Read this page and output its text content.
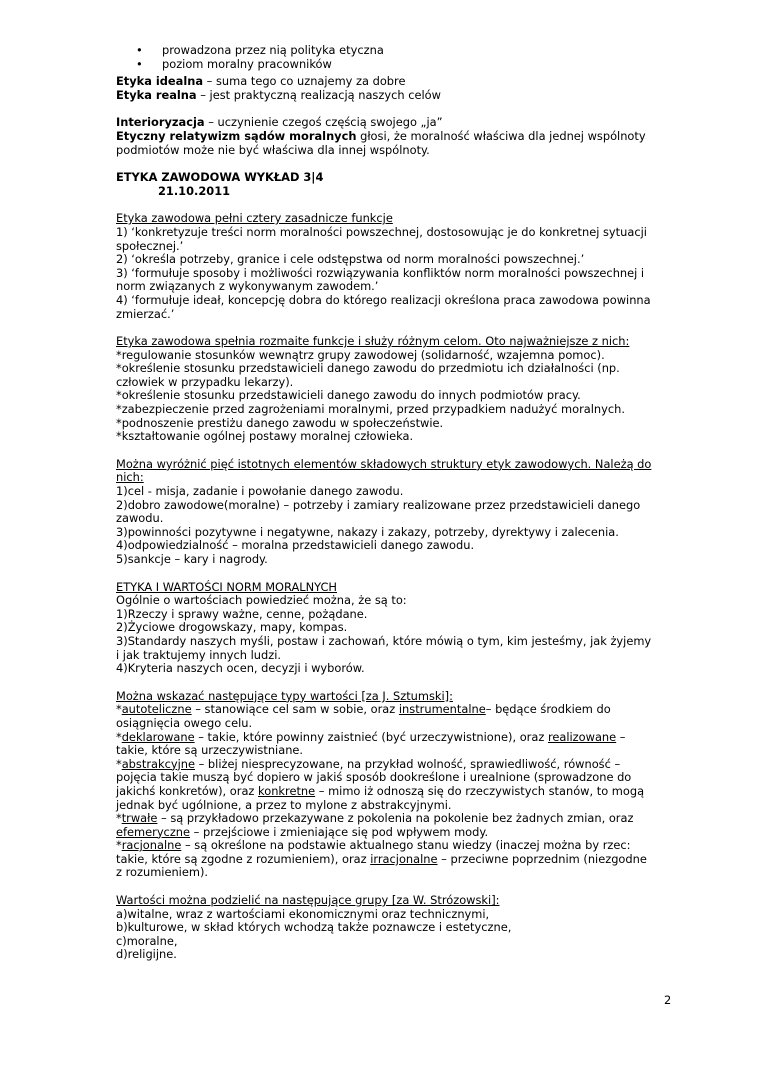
• prowadzona przez nią polityka etyczna
• poziom moralny pracowników

Etyka idealna – suma tego co uznajemy za dobre

Etyka realna – jest praktyczną realizacją naszych celów

Interioryzacja – uczynienie czegoś częścią swojego „ja”

Etyczny relatywizm sądów moralnych głosi, że moralność właściwa dla jednej wspólnoty podmiotów może nie być właściwa dla innej wspólnoty.

ETYKA ZAWODOWA WYKŁAD 3|4

21.10.2011

Etyka zawodowa pełni cztery zasadnicze funkcje

1) ‘konkretyzuje treści norm moralności powszechnej, dostosowując je do konkretnej sytuacji społecznej.’

2) ‘określa potrzeby, granice i cele odstępstwa od norm moralności powszechnej.’

3) ‘formułuje sposoby i możliwości rozwiązywania konfliktów norm moralności powszechnej i norm związanych z wykonywanym zawodem.’

4) ‘formułuje ideał, koncepcję dobra do którego realizacji określona praca zawodowa powinna zmierzać.’

Etyka zawodowa spełnia rozmaite funkcje i służy różnym celom. Oto najważniejsze z nich:

*regulowanie stosunków wewnątrz grupy zawodowej (solidarność, wzajemna pomoc).

*określenie stosunku przedstawicieli danego zawodu do przedmiotu ich działalności (np. człowiek w przypadku lekarzy).

*określenie stosunku przedstawicieli danego zawodu do innych podmiotów pracy.

*zabezpieczenie przed zagrożeniami moralnymi, przed przypadkiem nadużyć moralnych.

*podnoszenie prestiżu danego zawodu w społeczeństwie.

*kształtowanie ogólnej postawy moralnej człowieka.

Można wyróżnić pięć istotnych elementów składowych struktury etyk zawodowych. Należą do nich:

1)cel - misja, zadanie i powołanie danego zawodu.

2)dobro zawodowe(moralne) – potrzeby i zamiary realizowane przez przedstawicieli danego zawodu.

3)powinności pozytywne i negatywne, nakazy i zakazy, potrzeby, dyrektywy i zalecenia.

4)odpowiedzialność – moralna przedstawicieli danego zawodu.

5)sankcje – kary i nagrody.

ETYKA I WARTOŚCI NORM MORALNYCH

Ogólnie o wartościach powiedzieć można, że są to:

1)Rzeczy i sprawy ważne, cenne, pożądane.

2)Życiowe drogowskazy, mapy, kompas.

3)Standardy naszych myśli, postaw i zachowań, które mówią o tym, kim jesteśmy, jak żyjemy i jak traktujemy innych ludzi.

4)Kryteria naszych ocen, decyzji i wyborów.

Można wskazać następujące typy wartości [za J. Sztumski]:

*autoteliczne – stanowiące cel sam w sobie, oraz instrumentalne– będące środkiem do osiągnięcia owego celu.

*deklarowane – takie, które powinny zaistnieć (być urzeczywistnione), oraz realizowane – takie, które są urzeczywistniane.

*abstrakcyjne – bliżej niesprecyzowane, na przykład wolność, sprawiedliwość, równość – pojęcia takie muszą być dopiero w jakiś sposób dookreślone i urealnione (sprowadzone do jakichś konkretów), oraz konkretne – mimo iż odnoszą się do rzeczywistych stanów, to mogą jednak być ugólnione, a przez to mylone z abstrakcyjnymi.

*trwałe – są przykładowo przekazywane z pokolenia na pokolenie bez żadnych zmian, oraz efemeryczne – przejściowe i zmieniające się pod wpływem mody.

*racjonalne – są określone na podstawie aktualnego stanu wiedzy (inaczej można by rzec: takie, które są zgodne z rozumieniem), oraz irracjonalne – przeciwne poprzednim (niezgodne z rozumieniem).

Wartości można podzielić na następujące grupy [za W. Strózowski]:

a)witalne, wraz z wartościami ekonomicznymi oraz technicznymi,

b)kulturowe, w skład których wchodzą także poznawcze i estetyczne,

c)moralne,

d)religijne.

2
